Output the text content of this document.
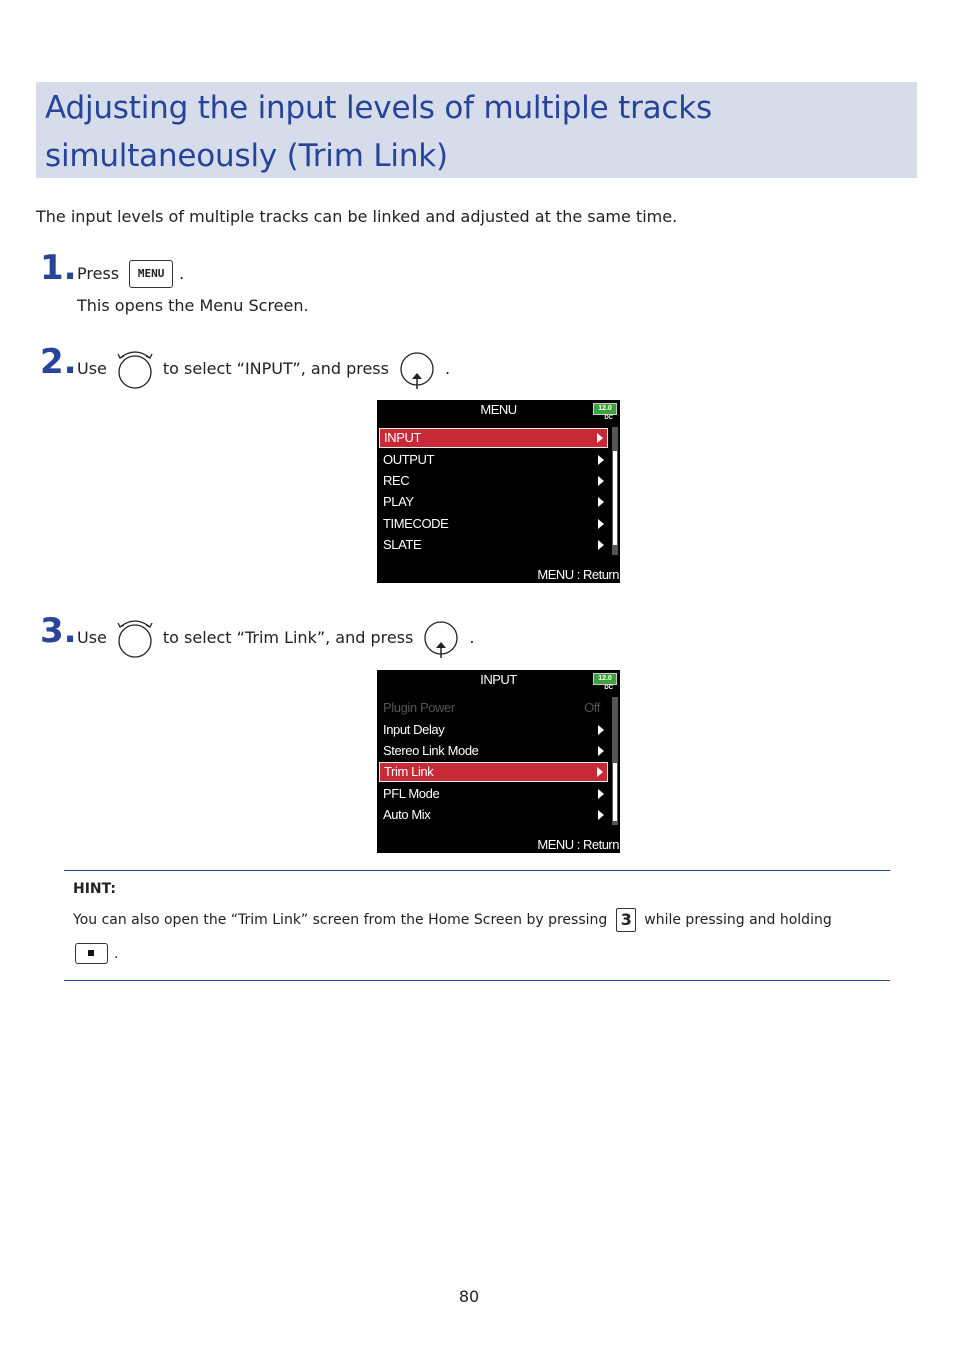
Adjusting the input levels of multiple tracks
simultaneously (Trim Link)
The input levels of multiple tracks can be linked and adjusted at the same time.
1. Press	MENU .
This opens the Menu Screen.
2. Use	to select “INPUT”, and press	.
MENU	12.0
DC
INPUT
OUTPUT
REC
PLAY
TIMECODE
SLATE
MENU : Return
3. Use	to select “Trim Link”, and press	.
INPUT	12.0
DC
Plugin Power	Off
Input Delay
Stereo Link Mode
Trim Link
PFL Mode
Auto Mix
MENU : Return
HINT:
You can also open the “Trim Link” screen from the Home Screen by pressing 3 while pressing and holding
.
80
